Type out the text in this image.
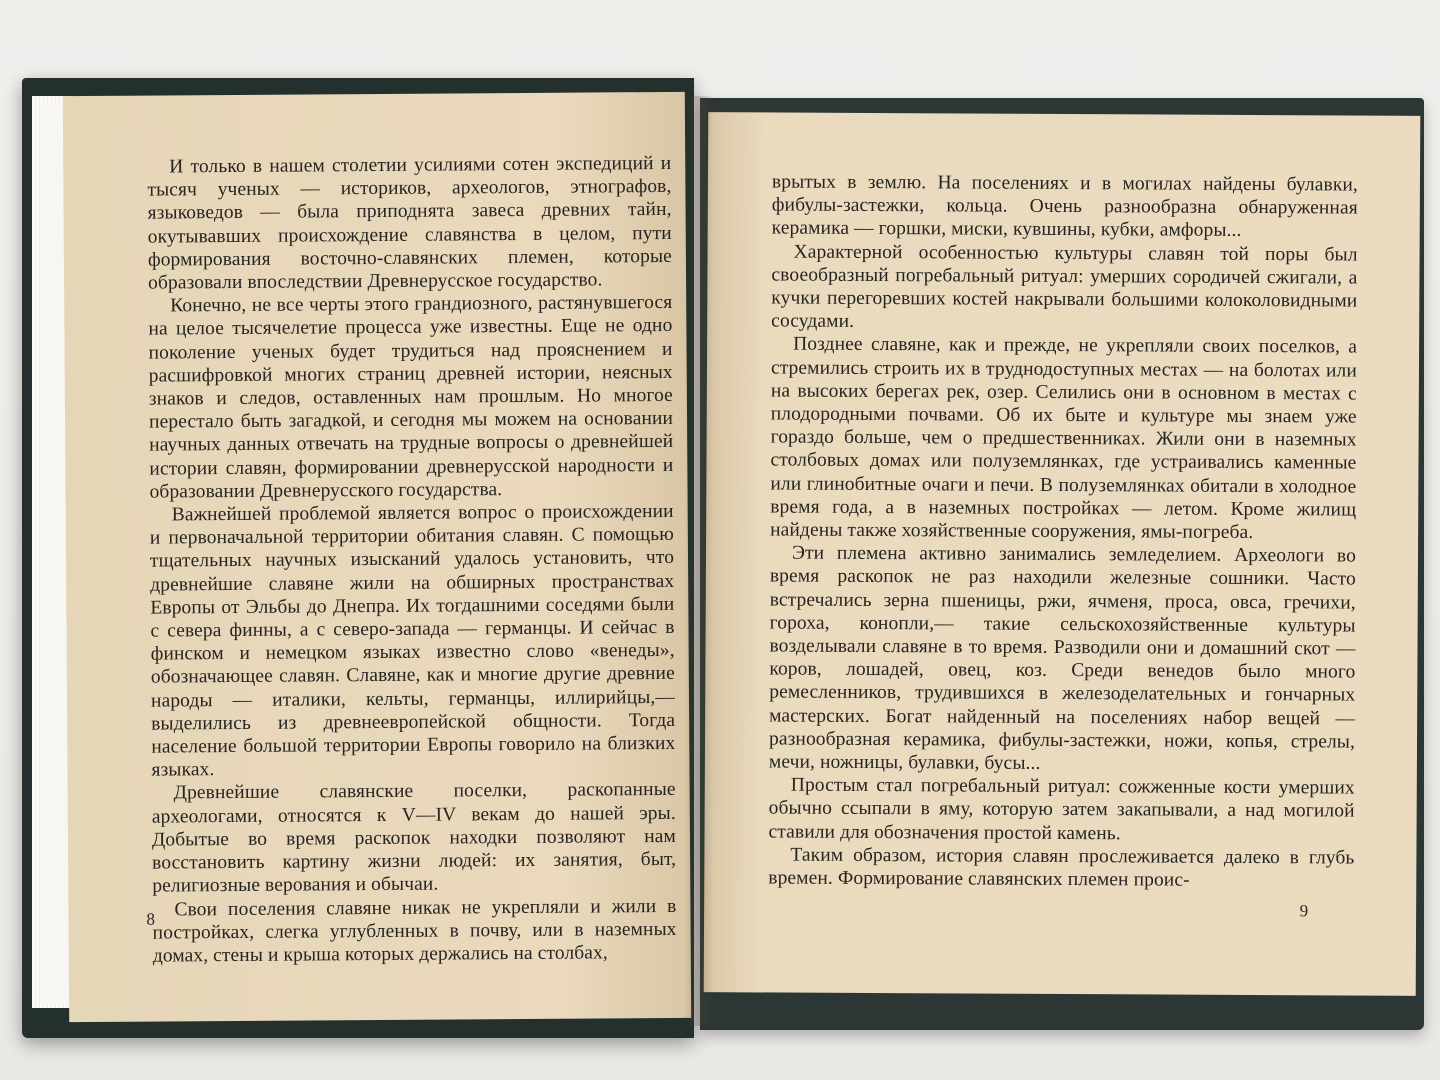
И только в нашем столетии усилиями сотен экспедиций и тысяч ученых — историков, археологов, этнографов, языковедов — была приподнята завеса древних тайн, окутывавших происхождение славянства в целом, пути формирования восточно-славянских племен, которые образовали впоследствии Древнерусское государство.

Конечно, не все черты этого грандиозного, растянувшегося на целое тысячелетие процесса уже известны. Еще не одно поколение ученых будет трудиться над прояснением и расшифровкой многих страниц древней истории, неясных знаков и следов, оставленных нам прошлым. Но многое перестало быть загадкой, и сегодня мы можем на основании научных данных отвечать на трудные вопросы о древнейшей истории славян, формировании древнерусской народности и образовании Древнерусского государства.

Важнейшей проблемой является вопрос о происхождении и первоначальной территории обитания славян. С помощью тщательных научных изысканий удалось установить, что древнейшие славяне жили на обширных пространствах Европы от Эльбы до Днепра. Их тогдашними соседями были с севера финны, а с северо-запада — германцы. И сейчас в финском и немецком языках известно слово «венеды», обозначающее славян. Славяне, как и многие другие древние народы — италики, кельты, германцы, иллирийцы,— выделились из древнеевропейской общности. Тогда население большой территории Европы говорило на близких языках.

Древнейшие славянские поселки, раскопанные археологами, относятся к V—IV векам до нашей эры. Добытые во время раскопок находки позволяют нам восстановить картину жизни людей: их занятия, быт, религиозные верования и обычаи.

Свои поселения славяне никак не укрепляли и жили в постройках, слегка углубленных в почву, или в наземных домах, стены и крыша которых держались на столбах,

8

врытых в землю. На поселениях и в могилах найдены булавки, фибулы-застежки, кольца. Очень разнообразна обнаруженная керамика — горшки, миски, кувшины, кубки, амфоры...

Характерной особенностью культуры славян той поры был своеобразный погребальный ритуал: умерших сородичей сжигали, а кучки перегоревших костей накрывали большими колоколовидными сосудами.

Позднее славяне, как и прежде, не укрепляли своих поселков, а стремились строить их в труднодоступных местах — на болотах или на высоких берегах рек, озер. Селились они в основном в местах с плодородными почвами. Об их быте и культуре мы знаем уже гораздо больше, чем о предшественниках. Жили они в наземных столбовых домах или полуземлянках, где устраивались каменные или глинобитные очаги и печи. В полуземлянках обитали в холодное время года, а в наземных постройках — летом. Кроме жилищ найдены также хозяйственные сооружения, ямы-погреба.

Эти племена активно занимались земледелием. Археологи во время раскопок не раз находили железные сошники. Часто встречались зерна пшеницы, ржи, ячменя, проса, овса, гречихи, гороха, конопли,— такие сельскохозяйственные культуры возделывали славяне в то время. Разводили они и домашний скот — коров, лошадей, овец, коз. Среди венедов было много ремесленников, трудившихся в железоделательных и гончарных мастерских. Богат найденный на поселениях набор вещей — разнообразная керамика, фибулы-застежки, ножи, копья, стрелы, мечи, ножницы, булавки, бусы...

Простым стал погребальный ритуал: сожженные кости умерших обычно ссыпали в яму, которую затем закапывали, а над могилой ставили для обозначения простой камень.

Таким образом, история славян прослеживается далеко в глубь времен. Формирование славянских племен проис-

9
